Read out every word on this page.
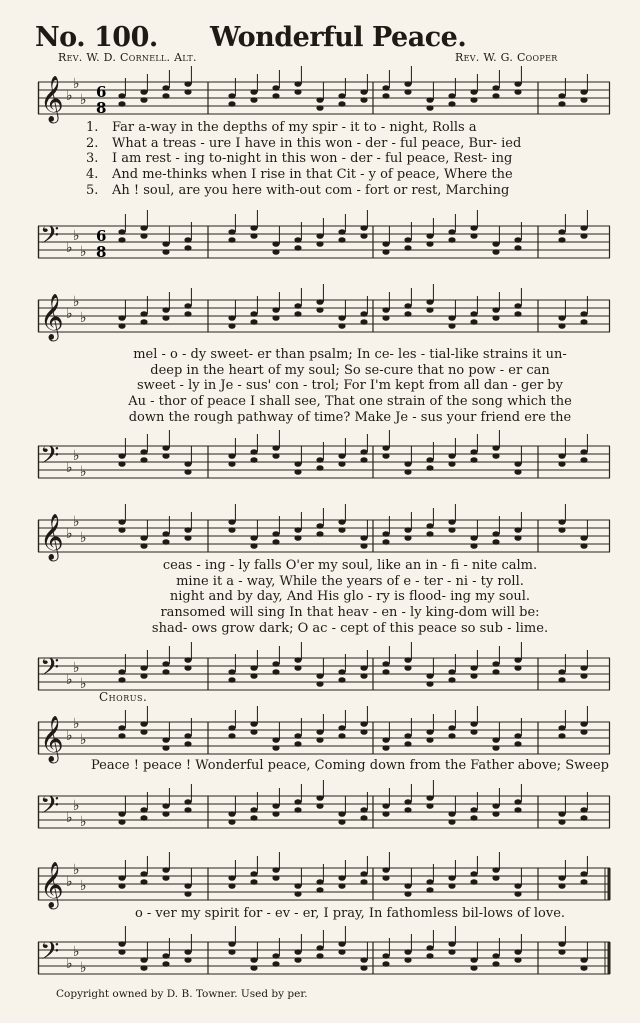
No. 100. Wonderful Peace.
Rev. W. D. Cornell. Alt.	Rev. W. G. Cooper
𝄞 ♭
♭
♭ 6
8
1. Far a-way in the depths of my spir - it to - night, Rolls a
2. What a treas - ure I have in this won - der - ful peace, Bur- ied
3. I am rest - ing to-night in this won - der - ful peace, Rest- ing
4. And me-thinks when I rise in that Cit - y of peace, Where the
5. Ah ! soul, are you here with-out com - fort or rest, Marching
𝄢 ♭
♭
♭
6
8
𝄞 ♭
♭
♭
mel - o - dy sweet- er than psalm; In ce- les - tial-like strains it un-
deep in the heart of my soul; So se-cure that no pow - er can
sweet - ly in Je - sus' con - trol; For I'm kept from all dan - ger by
Au - thor of peace I shall see, That one strain of the song which the
down the rough pathway of time? Make Je - sus your friend ere the
𝄢 ♭
♭
♭
𝄞 ♭
♭
♭
ceas - ing - ly falls O'er my soul, like an in - fi - nite calm.
mine it a - way, While the years of e - ter - ni - ty roll.
night and by day, And His glo - ry is flood- ing my soul.
ransomed will sing In that heav - en - ly king-dom will be:
shad- ows grow dark; O ac - cept of this peace so sub - lime.
𝄢 ♭
♭
♭
Chorus.
𝄞 ♭
♭
♭
Peace ! peace ! Wonderful peace, Coming down from the Father above; Sweep
𝄢 ♭
♭
♭
𝄞 ♭
♭
♭
o - ver my spirit for - ev - er, I pray, In fathomless bil-lows of love.
𝄢 ♭
♭
♭
Copyright owned by D. B. Towner. Used by per.
